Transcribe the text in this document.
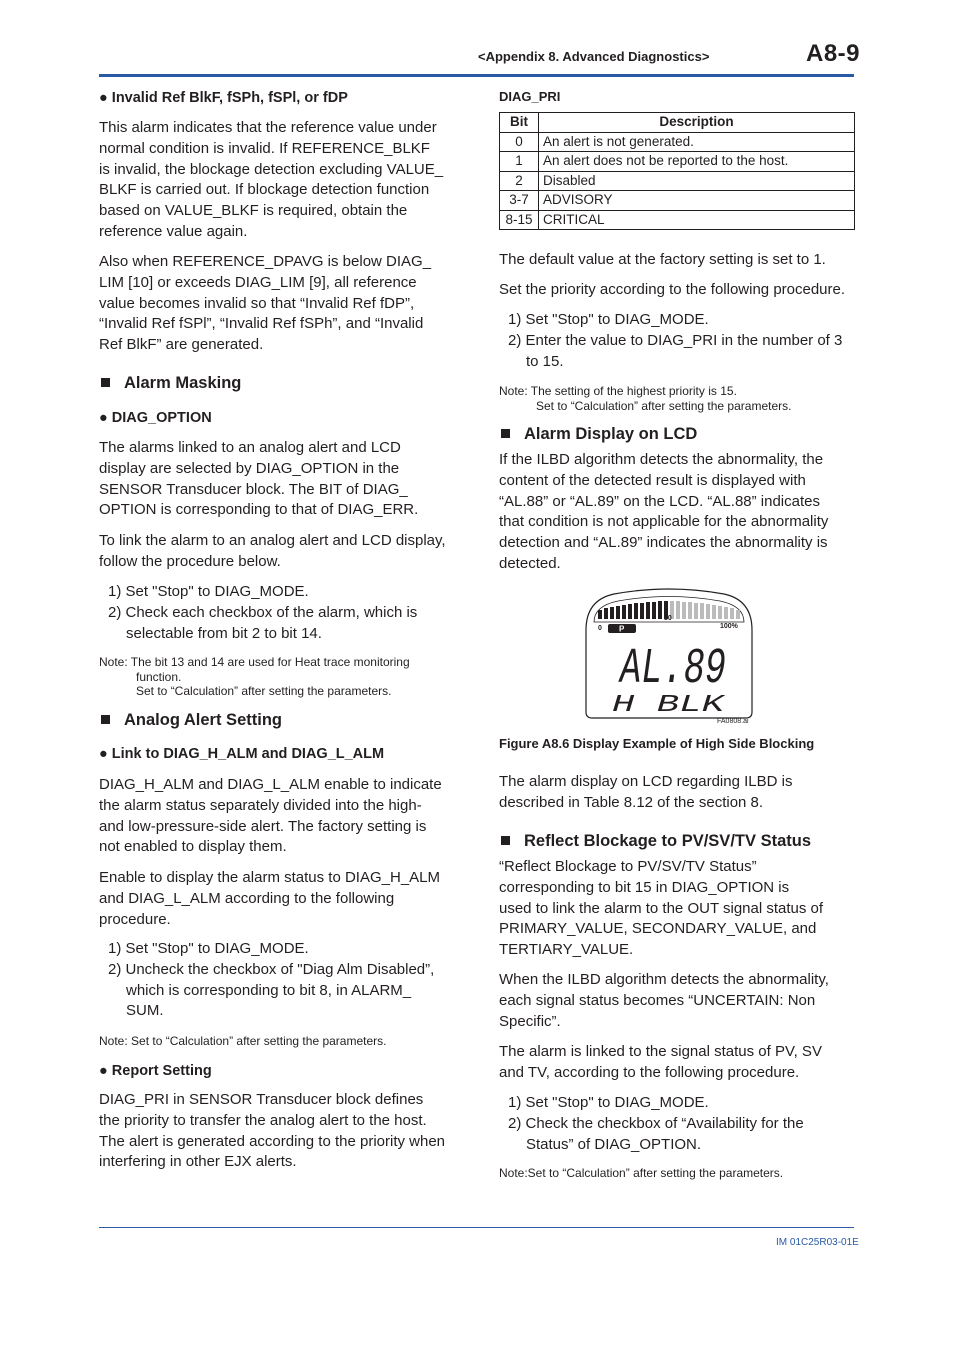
<Appendix 8. Advanced Diagnostics>	A8-9
● Invalid Ref BlkF, fSPh, fSPl, or fDP

This alarm indicates that the reference value under

normal condition is invalid. If REFERENCE_BLKF

is invalid, the blockage detection excluding VALUE_

BLKF is carried out. If blockage detection function

based on VALUE_BLKF is required, obtain the

reference value again.

Also when REFERENCE_DPAVG is below DIAG_

LIM [10] or exceeds DIAG_LIM [9], all reference

value becomes invalid so that “Invalid Ref fDP”,

“Invalid Ref fSPl”, “Invalid Ref fSPh”, and “Invalid

Ref BlkF” are generated.

Alarm Masking
● DIAG_OPTION

The alarms linked to an analog alert and LCD

display are selected by DIAG_OPTION in the

SENSOR Transducer block. The BIT of DIAG_

OPTION is corresponding to that of DIAG_ERR.

To link the alarm to an analog alert and LCD display,

follow the procedure below.

1) Set "Stop" to DIAG_MODE.

2) Check each checkbox of the alarm, which is

selectable from bit 2 to bit 14.

Note: The bit 13 and 14 are used for Heat trace monitoring
function.
Set to “Calculation” after setting the parameters.
Analog Alert Setting
● Link to DIAG_H_ALM and DIAG_L_ALM

DIAG_H_ALM and DIAG_L_ALM enable to indicate

the alarm status separately divided into the high-

and low-pressure-side alert. The factory setting is

not enabled to display them.

Enable to display the alarm status to DIAG_H_ALM

and DIAG_L_ALM according to the following

procedure.

1) Set "Stop" to DIAG_MODE.

2) Uncheck the checkbox of "Diag Alm Disabled”,

which is corresponding to bit 8, in ALARM_

SUM.

Note: Set to “Calculation” after setting the parameters.
● Report Setting

DIAG_PRI in SENSOR Transducer block defines

the priority to transfer the analog alert to the host.

The alert is generated according to the priority when

interfering in other EJX alerts.

DIAG_PRI
Bit	Description
0	An alert is not generated.
1	An alert does not be reported to the host.
2	Disabled
3-7	ADVISORY
8-15	CRITICAL

The default value at the factory setting is set to 1.

Set the priority according to the following procedure.

1) Set "Stop" to DIAG_MODE.

2) Enter the value to DIAG_PRI in the number of 3

to 15.

Note: The setting of the highest priority is 15.
Set to “Calculation” after setting the parameters.
Alarm Display on LCD

If the ILBD algorithm detects the abnormality, the

content of the detected result is displayed with

“AL.88” or “AL.89” on the LCD. “AL.88” indicates

that condition is not applicable for the abnormality

detection and “AL.89” indicates the abnormality is

detected.

0
50
100%
P
AL.89
H BLK
FA0808.ai
Figure A8.6 Display Example of High Side Blocking

The alarm display on LCD regarding ILBD is

described in Table 8.12 of the section 8.

Reflect Blockage to PV/SV/TV Status

“Reflect Blockage to PV/SV/TV Status”

corresponding to bit 15 in DIAG_OPTION is

used to link the alarm to the OUT signal status of

PRIMARY_VALUE, SECONDARY_VALUE, and

TERTIARY_VALUE.

When the ILBD algorithm detects the abnormality,

each signal status becomes “UNCERTAIN: Non

Specific”.

The alarm is linked to the signal status of PV, SV

and TV, according to the following procedure.

1) Set "Stop" to DIAG_MODE.

2) Check the checkbox of “Availability for the

Status” of DIAG_OPTION.

Note:Set to “Calculation” after setting the parameters.
IM 01C25R03-01E
